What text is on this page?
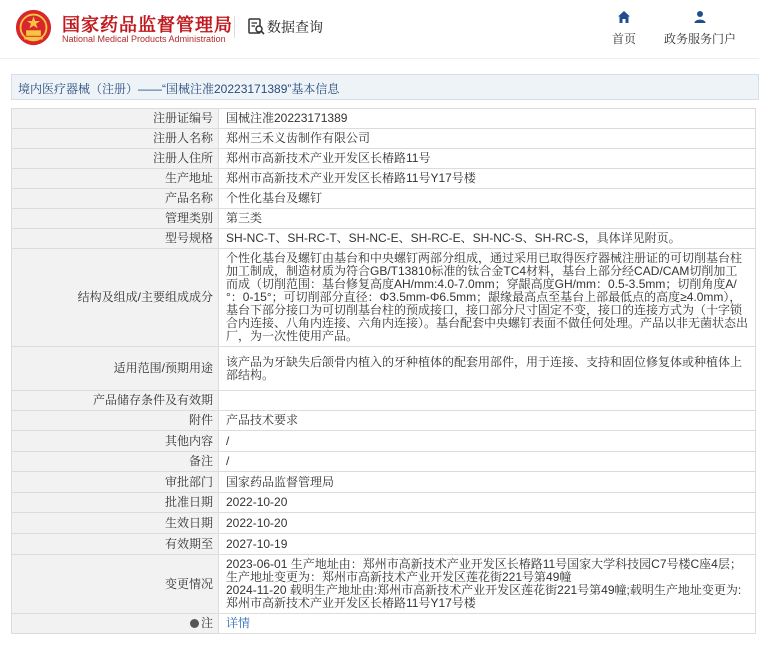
国家药品监督管理局
National Medical Products Administration
数据查询
首页	政务服务门户
境内医疗器械（注册）——“国械注准20223171389”基本信息
注册证编号	国械注准20223171389
注册人名称	郑州三禾义齿制作有限公司
注册人住所	郑州市高新技术产业开发区长椿路11号
生产地址	郑州市高新技术产业开发区长椿路11号Y17号楼
产品名称	个性化基台及螺钉
管理类别	第三类
型号规格	SH-NC-T、SH-RC-T、SH-NC-E、SH-RC-E、SH-NC-S、SH-RC-S，具体详见附页。
结构及组成/主要组成成分	个性化基台及螺钉由基台和中央螺钉两部分组成，通过采用已取得医疗器械注册证的可切削基台柱加工制成，制造材质为符合GB/T13810标准的钛合金TC4材料，基台上部分经CAD/CAM切削加工而成（切削范围：基台修复高度AH/mm:4.0-7.0mm；穿龈高度GH/mm：0.5-3.5mm；切削角度A/°：0-15°；可切削部分直径：Φ3.5mm-Φ6.5mm；龈缘最高点至基台上部最低点的高度≥4.0mm），基台下部分接口为可切削基台柱的预成接口，接口部分尺寸固定不变，接口的连接方式为（十字锁合内连接、八角内连接、六角内连接）。基台配套中央螺钉表面不做任何处理。产品以非无菌状态出厂，为一次性使用产品。
适用范围/预期用途	该产品为牙缺失后颌骨内植入的牙种植体的配套用部件，用于连接、支持和固位修复体或种植体上部结构。
产品储存条件及有效期	
附件	产品技术要求
其他内容	/
备注	/
审批部门	国家药品监督管理局
批准日期	2022-10-20
生效日期	2022-10-20
有效期至	2027-10-19
变更情况	2023-06-01 生产地址由：郑州市高新技术产业开发区长椿路11号国家大学科技园C7号楼C座4层；生产地址变更为：郑州市高新技术产业开发区莲花街221号第49幢
2024-11-20 载明生产地址由:郑州市高新技术产业开发区莲花街221号第49幢;载明生产地址变更为:郑州市高新技术产业开发区长椿路11号Y17号楼
注	详情
